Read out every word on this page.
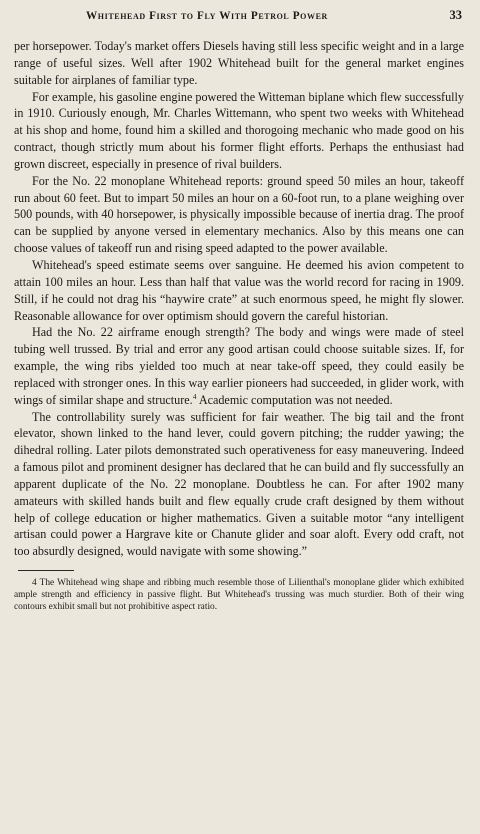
Whitehead First to Fly With Petrol Power	33

per horsepower. Today's market offers Diesels having still less specific weight and in a large range of useful sizes. Well after 1902 Whitehead built for the general market engines suitable for airplanes of familiar type.

For example, his gasoline engine powered the Witteman biplane which flew successfully in 1910. Curiously enough, Mr. Charles Wittemann, who spent two weeks with Whitehead at his shop and home, found him a skilled and thorogoing mechanic who made good on his contract, though strictly mum about his former flight efforts. Perhaps the enthusiast had grown discreet, especially in presence of rival builders.

For the No. 22 monoplane Whitehead reports: ground speed 50 miles an hour, takeoff run about 60 feet. But to impart 50 miles an hour on a 60-foot run, to a plane weighing over 500 pounds, with 40 horsepower, is physically impossible because of inertia drag. The proof can be supplied by anyone versed in elementary mechanics. Also by this means one can choose values of takeoff run and rising speed adapted to the power available.

Whitehead's speed estimate seems over sanguine. He deemed his avion competent to attain 100 miles an hour. Less than half that value was the world record for racing in 1909. Still, if he could not drag his “haywire crate” at such enormous speed, he might fly slower. Reasonable allowance for over optimism should govern the careful historian.

Had the No. 22 airframe enough strength? The body and wings were made of steel tubing well trussed. By trial and error any good artisan could choose suitable sizes. If, for example, the wing ribs yielded too much at near take-off speed, they could easily be replaced with stronger ones. In this way earlier pioneers had succeeded, in glider work, with wings of similar shape and structure.$^4$ Academic computation was not needed.

The controllability surely was sufficient for fair weather. The big tail and the front elevator, shown linked to the hand lever, could govern pitching; the rudder yawing; the dihedral rolling. Later pilots demonstrated such operativeness for easy maneuvering. Indeed a famous pilot and prominent designer has declared that he can build and fly successfully an apparent duplicate of the No. 22 monoplane. Doubtless he can. For after 1902 many amateurs with skilled hands built and flew equally crude craft designed by them without help of college education or higher mathematics. Given a suitable motor “any intelligent artisan could power a Hargrave kite or Chanute glider and soar aloft. Every odd craft, not too absurdly designed, would navigate with some showing.”

4 The Whitehead wing shape and ribbing much resemble those of Lilienthal's monoplane glider which exhibited ample strength and efficiency in passive flight. But Whitehead's trussing was much sturdier. Both of their wing contours exhibit small but not prohibitive aspect ratio.
